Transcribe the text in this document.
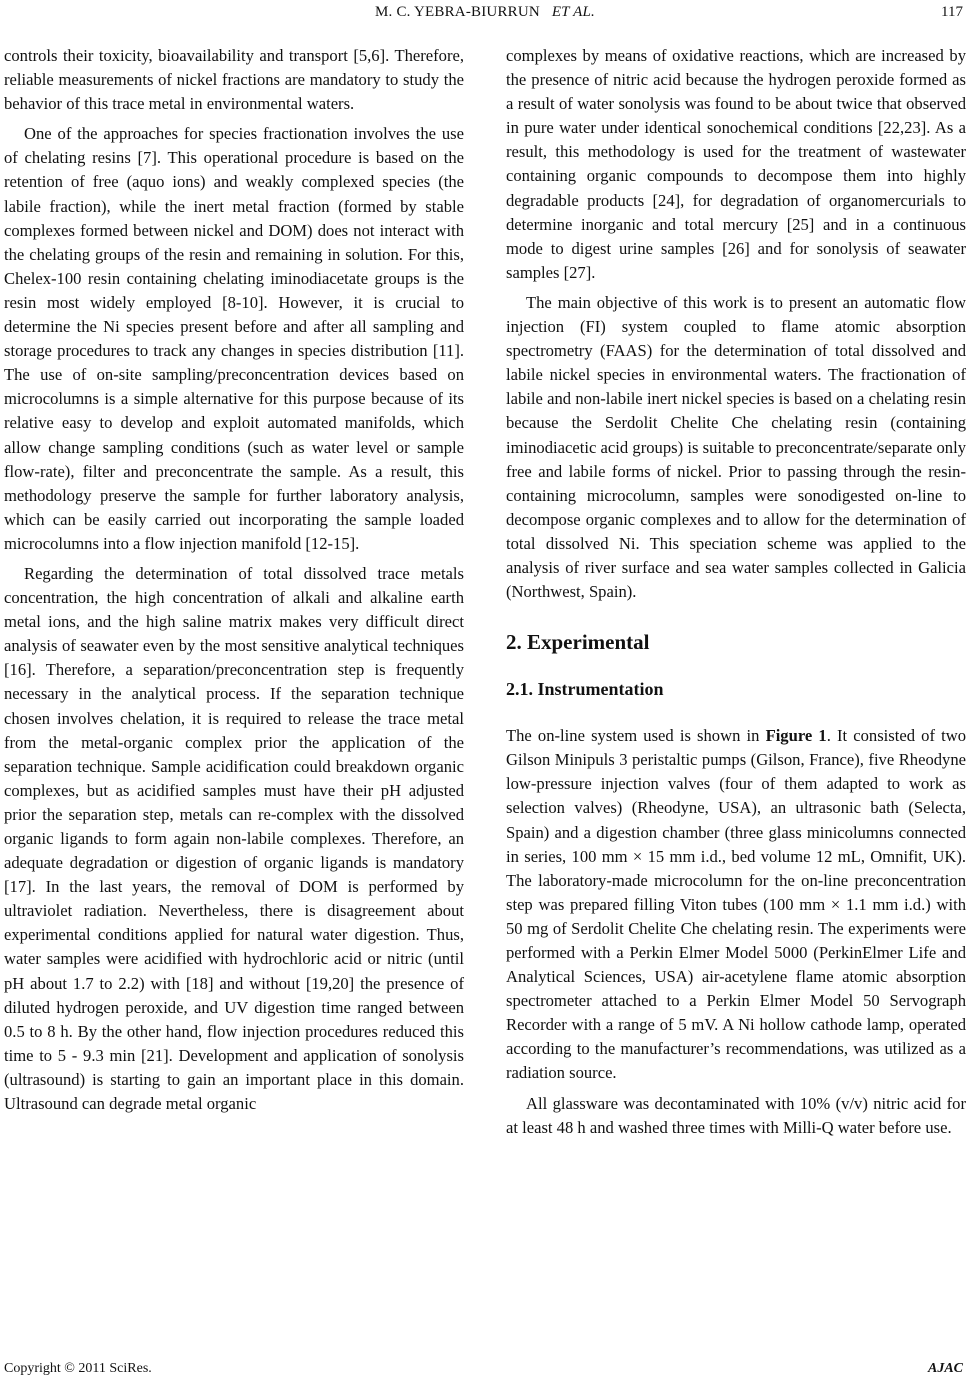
M. C. YEBRA-BIURRUN ET AL.	117

controls their toxicity, bioavailability and transport [5,6]. Therefore, reliable measurements of nickel fractions are mandatory to study the behavior of this trace metal in environmental waters.

One of the approaches for species fractionation involves the use of chelating resins [7]. This operational procedure is based on the retention of free (aquo ions) and weakly complexed species (the labile fraction), while the inert metal fraction (formed by stable complexes formed between nickel and DOM) does not interact with the chelating groups of the resin and remaining in solution. For this, Chelex-100 resin containing chelating iminodiacetate groups is the resin most widely employed [8-10]. However, it is crucial to determine the Ni species present before and after all sampling and storage procedures to track any changes in species distribution [11]. The use of on-site sampling/preconcentration devices based on microcolumns is a simple alternative for this purpose because of its relative easy to develop and exploit automated manifolds, which allow change sampling conditions (such as water level or sample flow-rate), filter and preconcentrate the sample. As a result, this methodology preserve the sample for further laboratory analysis, which can be easily carried out incorporating the sample loaded microcolumns into a flow injection manifold [12-15].

Regarding the determination of total dissolved trace metals concentration, the high concentration of alkali and alkaline earth metal ions, and the high saline matrix makes very difficult direct analysis of seawater even by the most sensitive analytical techniques [16]. Therefore, a separation/preconcentration step is frequently necessary in the analytical process. If the separation technique chosen involves chelation, it is required to release the trace metal from the metal-organic complex prior the application of the separation technique. Sample acidification could breakdown organic complexes, but as acidified samples must have their pH adjusted prior the separation step, metals can re-complex with the dissolved organic ligands to form again non-labile complexes. Therefore, an adequate degradation or digestion of organic ligands is mandatory [17]. In the last years, the removal of DOM is performed by ultraviolet radiation. Nevertheless, there is disagreement about experimental conditions applied for natural water digestion. Thus, water samples were acidified with hydrochloric acid or nitric (until pH about 1.7 to 2.2) with [18] and without [19,20] the presence of diluted hydrogen peroxide, and UV digestion time ranged between 0.5 to 8 h. By the other hand, flow injection procedures reduced this time to 5 - 9.3 min [21]. Development and application of sonolysis (ultrasound) is starting to gain an important place in this domain. Ultrasound can degrade metal organic

complexes by means of oxidative reactions, which are increased by the presence of nitric acid because the hydrogen peroxide formed as a result of water sonolysis was found to be about twice that observed in pure water under identical sonochemical conditions [22,23]. As a result, this methodology is used for the treatment of wastewater containing organic compounds to decompose them into highly degradable products [24], for degradation of organomercurials to determine inorganic and total mercury [25] and in a continuous mode to digest urine samples [26] and for sonolysis of seawater samples [27].

The main objective of this work is to present an automatic flow injection (FI) system coupled to flame atomic absorption spectrometry (FAAS) for the determination of total dissolved and labile nickel species in environmental waters. The fractionation of labile and non-labile inert nickel species is based on a chelating resin because the Serdolit Chelite Che chelating resin (containing iminodiacetic acid groups) is suitable to preconcentrate/separate only free and labile forms of nickel. Prior to passing through the resin-containing microcolumn, samples were sonodigested on-line to decompose organic complexes and to allow for the determination of total dissolved Ni. This speciation scheme was applied to the analysis of river surface and sea water samples collected in Galicia (Northwest, Spain).

2. Experimental
2.1. Instrumentation

The on-line system used is shown in Figure 1. It consisted of two Gilson Minipuls 3 peristaltic pumps (Gilson, France), five Rheodyne low-pressure injection valves (four of them adapted to work as selection valves) (Rheodyne, USA), an ultrasonic bath (Selecta, Spain) and a digestion chamber (three glass minicolumns connected in series, 100 mm × 15 mm i.d., bed volume 12 mL, Omnifit, UK). The laboratory-made microcolumn for the on-line preconcentration step was prepared filling Viton tubes (100 mm × 1.1 mm i.d.) with 50 mg of Serdolit Chelite Che chelating resin. The experiments were performed with a Perkin Elmer Model 5000 (PerkinElmer Life and Analytical Sciences, USA) air-acetylene flame atomic absorption spectrometer attached to a Perkin Elmer Model 50 Servograph Recorder with a range of 5 mV. A Ni hollow cathode lamp, operated according to the manufacturer’s recommendations, was utilized as a radiation source.

All glassware was decontaminated with 10% (v/v) nitric acid for at least 48 h and washed three times with Milli-Q water before use.

Copyright © 2011 SciRes.	AJAC
